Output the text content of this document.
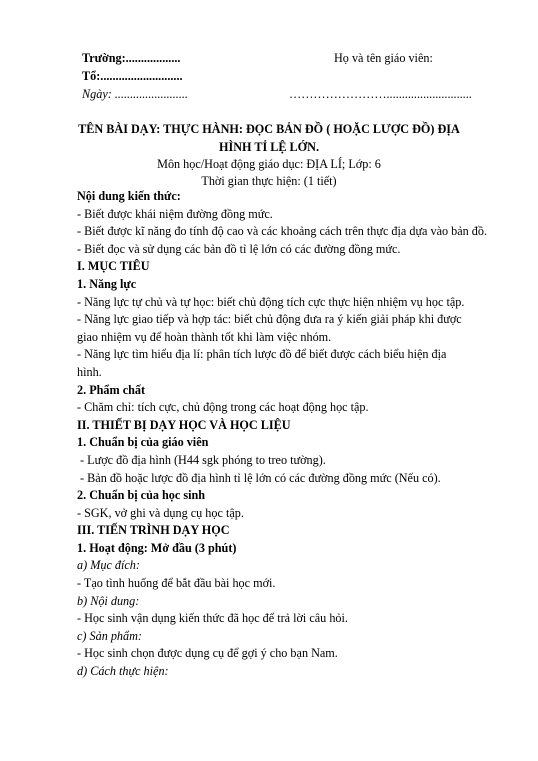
Trường:..................
Tổ:...........................
Ngày: ........................
Họ và tên giáo viên:
……………………............................
TÊN BÀI DẠY: THỰC HÀNH: ĐỌC BẢN ĐỒ ( HOẶC LƯỢC ĐỒ) ĐỊA
HÌNH TỈ LỆ LỚN.
Môn học/Hoạt động giáo dục: ĐỊA LÍ; Lớp: 6
Thời gian thực hiện: (1 tiết)
Nội dung kiến thức:
- Biết được khái niệm đường đồng mức.
- Biết được kĩ năng đo tính độ cao và các khoảng cách trên thực địa dựa vào bản đồ.
- Biết đọc và sử dụng các bản đồ tỉ lệ lớn có các đường đồng mức.
I. MỤC TIÊU
1. Năng lực
- Năng lực tự chủ và tự học: biết chủ động tích cực thực hiện nhiệm vụ học tập.
- Năng lực giao tiếp và hợp tác: biết chủ động đưa ra ý kiến giải pháp khi được
giao nhiệm vụ để hoàn thành tốt khi làm việc nhóm.
- Năng lực tìm hiểu địa lí: phân tích lược đồ để biết được cách biểu hiện địa
hình.
2. Phẩm chất
- Chăm chỉ: tích cực, chủ động trong các hoạt động học tập.
II. THIẾT BỊ DẠY HỌC VÀ HỌC LIỆU
1. Chuẩn bị của giáo viên
- Lược đồ địa hình (H44 sgk phóng to treo tường).
- Bản đồ hoặc lược đồ địa hình tỉ lệ lớn có các đường đồng mức (Nếu có).
2. Chuẩn bị của học sinh
- SGK, vở ghi và dụng cụ học tập.
III. TIẾN TRÌNH DẠY HỌC
1. Hoạt động: Mở đầu (3 phút)
a) Mục đích:
- Tạo tình huống để bắt đầu bài học mới.
b) Nội dung:
- Học sinh vận dụng kiến thức đã học để trả lời câu hỏi.
c) Sản phẩm:
- Học sinh chọn được dụng cụ để gợi ý cho bạn Nam.
d) Cách thực hiện:
